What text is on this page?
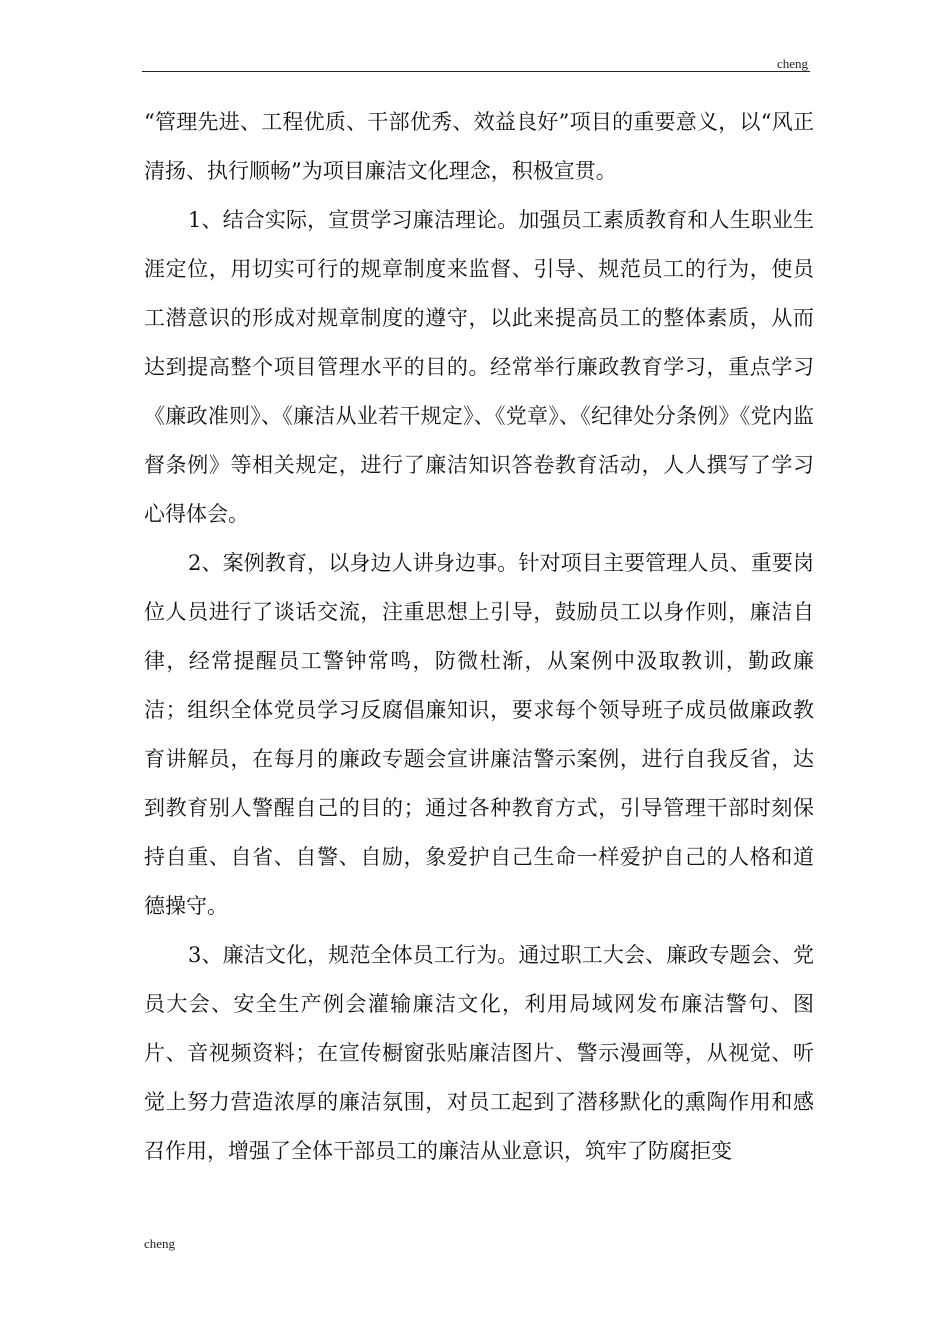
cheng

“管理先进、工程优质、干部优秀、效益良好”项目的重要意义，以“风正清扬、执行顺畅”为项目廉洁文化理念，积极宣贯。

1、结合实际，宣贯学习廉洁理论。加强员工素质教育和人生职业生涯定位，用切实可行的规章制度来监督、引导、规范员工的行为，使员工潜意识的形成对规章制度的遵守，以此来提高员工的整体素质，从而达到提高整个项目管理水平的目的。经常举行廉政教育学习，重点学习《廉政准则》、《廉洁从业若干规定》、《党章》、《纪律处分条例》《党内监督条例》等相关规定，进行了廉洁知识答卷教育活动，人人撰写了学习心得体会。

2、案例教育，以身边人讲身边事。针对项目主要管理人员、重要岗位人员进行了谈话交流，注重思想上引导，鼓励员工以身作则，廉洁自律，经常提醒员工警钟常鸣，防微杜渐，从案例中汲取教训，勤政廉洁；组织全体党员学习反腐倡廉知识，要求每个领导班子成员做廉政教育讲解员，在每月的廉政专题会宣讲廉洁警示案例，进行自我反省，达到教育别人警醒自己的目的；通过各种教育方式，引导管理干部时刻保持自重、自省、自警、自励，象爱护自己生命一样爱护自己的人格和道德操守。

3、廉洁文化，规范全体员工行为。通过职工大会、廉政专题会、党员大会、安全生产例会灌输廉洁文化，利用局域网发布廉洁警句、图片、音视频资料；在宣传橱窗张贴廉洁图片、警示漫画等，从视觉、听觉上努力营造浓厚的廉洁氛围，对员工起到了潜移默化的熏陶作用和感召作用，增强了全体干部员工的廉洁从业意识，筑牢了防腐拒变

cheng
